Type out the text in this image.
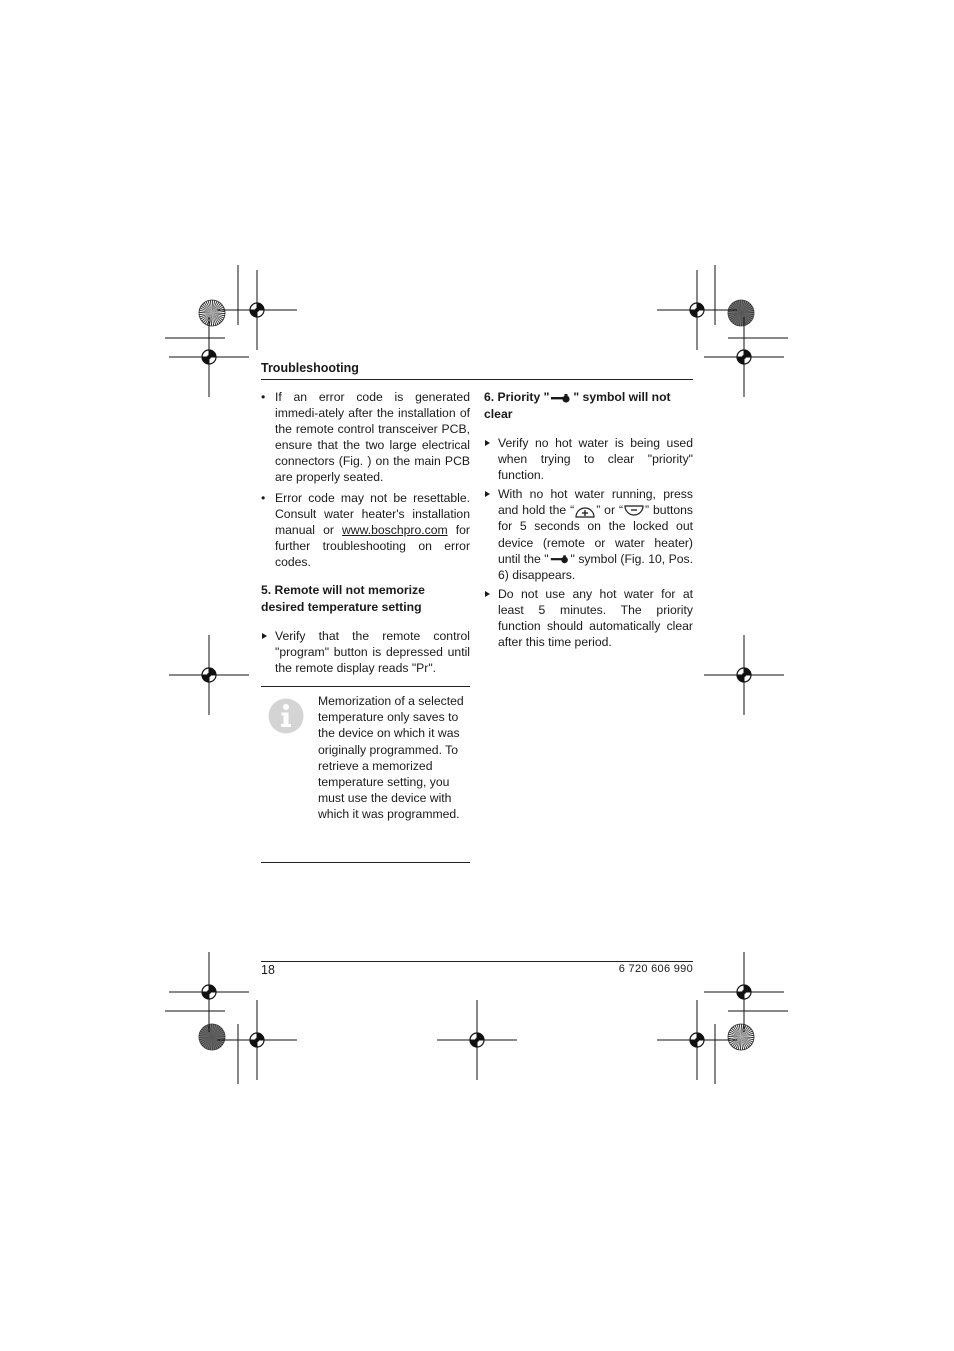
Troubleshooting
• If an error code is generated immedi-ately after the installation of the remote control transceiver PCB, ensure that the two large electrical connectors (Fig. ) on the main PCB are properly seated.
• Error code may not be resettable. Consult water heater's installation manual or www.boschpro.com for further troubleshooting on error codes.
5. Remote will not memorize desired temperature setting
Verify that the remote control "program" button is depressed until the remote display reads "Pr".
Memorization of a selected temperature only saves to the device on which it was originally programmed. To retrieve a memorized temperature setting, you must use the device with which it was programmed.
6. Priority " " symbol will not clear
Verify no hot water is being used when trying to clear "priority" function.
With no hot water running, press and hold the “ ” or “ ” buttons for 5 seconds on the locked out device (remote or water heater) until the " " symbol (Fig. 10, Pos. 6) disappears.
Do not use any hot water for at least 5 minutes. The priority function should automatically clear after this time period.
18	6 720 606 990
